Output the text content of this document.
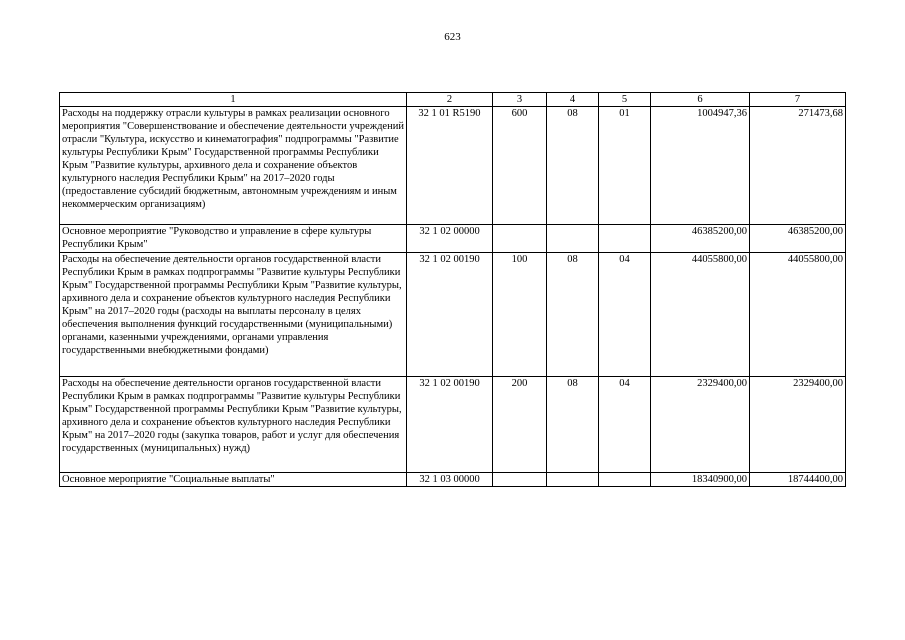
623
1	2	3	4	5	6	7
Расходы на поддержку отрасли культуры в рамках реализации основного мероприятия "Совершенствование и обеспечение деятельности учреждений отрасли "Культура, искусство и кинематография" подпрограммы "Развитие культуры Республики Крым" Государственной программы Республики Крым "Развитие культуры, архивного дела и сохранение объектов культурного наследия Республики Крым" на 2017–2020 годы (предоставление субсидий бюджетным, автономным учреждениям и иным некоммерческим организациям)	32 1 01 R5190	600	08	01	1004947,36	271473,68
Основное мероприятие "Руководство и управление в сфере культуры Республики Крым"	32 1 02 00000				46385200,00	46385200,00
Расходы на обеспечение деятельности органов государственной власти Республики Крым в рамках подпрограммы "Развитие культуры Республики Крым" Государственной программы Республики Крым "Развитие культуры, архивного дела и сохранение объектов культурного наследия Республики Крым" на 2017–2020 годы (расходы на выплаты персоналу в целях обеспечения выполнения функций государственными (муниципальными) органами, казенными учреждениями, органами управления государственными внебюджетными фондами)	32 1 02 00190	100	08	04	44055800,00	44055800,00
Расходы на обеспечение деятельности органов государственной власти Республики Крым в рамках подпрограммы "Развитие культуры Республики Крым" Государственной программы Республики Крым "Развитие культуры, архивного дела и сохранение объектов культурного наследия Республики Крым" на 2017–2020 годы (закупка товаров, работ и услуг для обеспечения государственных (муниципальных) нужд)	32 1 02 00190	200	08	04	2329400,00	2329400,00
Основное мероприятие "Социальные выплаты"	32 1 03 00000				18340900,00	18744400,00
